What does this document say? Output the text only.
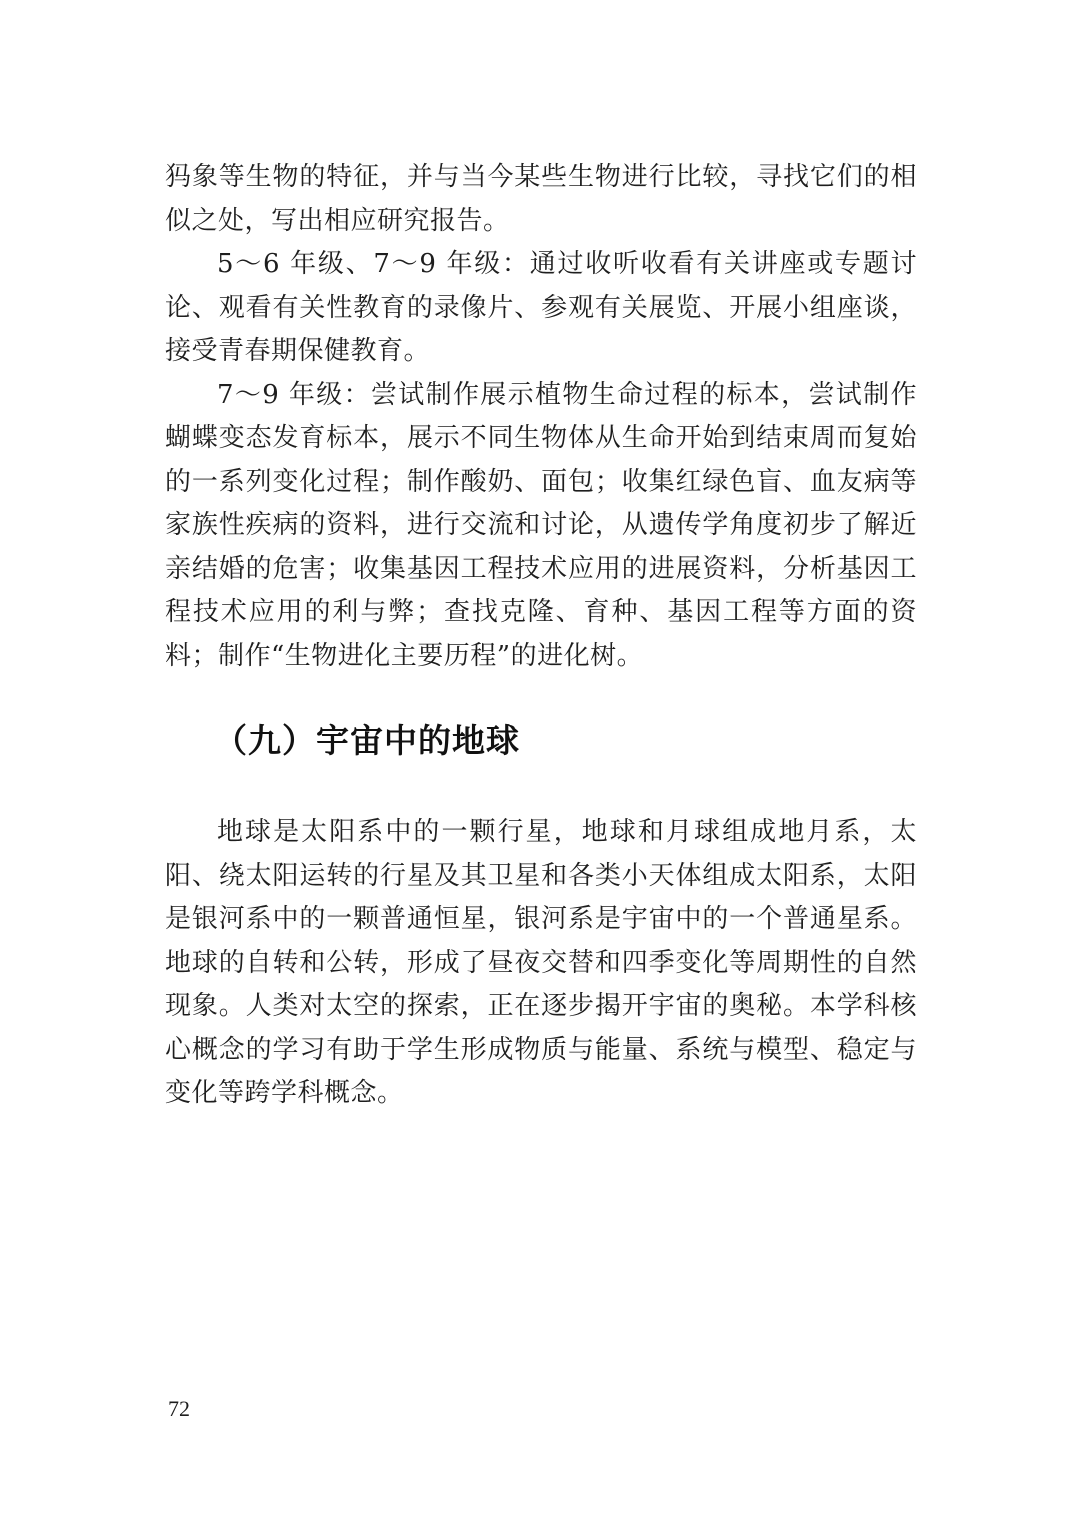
犸象等生物的特征，并与当今某些生物进行比较，寻找它们的相似之处，写出相应研究报告。

5～6 年级、7～9 年级：通过收听收看有关讲座或专题讨论、观看有关性教育的录像片、参观有关展览、开展小组座谈，接受青春期保健教育。

7～9 年级：尝试制作展示植物生命过程的标本，尝试制作蝴蝶变态发育标本，展示不同生物体从生命开始到结束周而复始的一系列变化过程；制作酸奶、面包；收集红绿色盲、血友病等家族性疾病的资料，进行交流和讨论，从遗传学角度初步了解近亲结婚的危害；收集基因工程技术应用的进展资料，分析基因工程技术应用的利与弊；查找克隆、育种、基因工程等方面的资料；制作“生物进化主要历程”的进化树。

（九）宇宙中的地球

地球是太阳系中的一颗行星，地球和月球组成地月系，太阳、绕太阳运转的行星及其卫星和各类小天体组成太阳系，太阳是银河系中的一颗普通恒星，银河系是宇宙中的一个普通星系。地球的自转和公转，形成了昼夜交替和四季变化等周期性的自然现象。人类对太空的探索，正在逐步揭开宇宙的奥秘。本学科核心概念的学习有助于学生形成物质与能量、系统与模型、稳定与变化等跨学科概念。

72
